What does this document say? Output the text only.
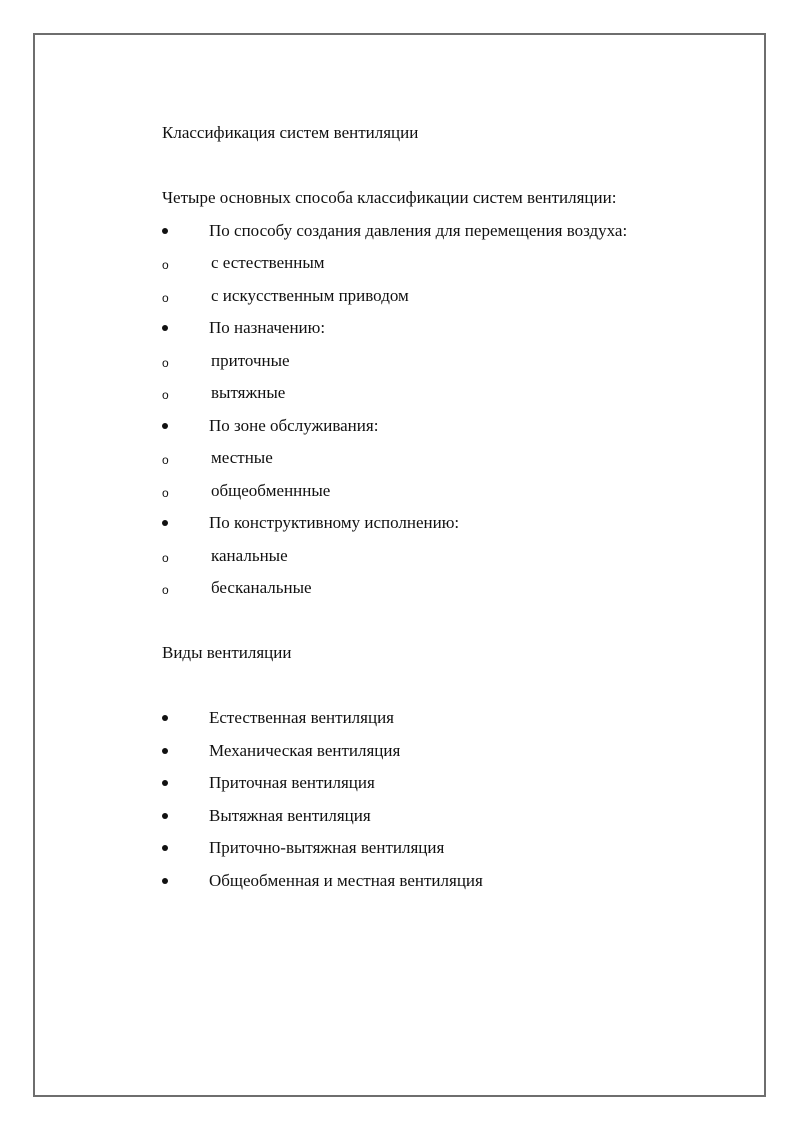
Классификация систем вентиляции
Четыре основных способа классификации систем вентиляции:
По способу создания давления для перемещения воздуха:
o с естественным
o с искусственным приводом
По назначению:
o приточные
o вытяжные
По зоне обслуживания:
o местные
o общеобменнные
По конструктивному исполнению:
o канальные
o бесканальные
Виды вентиляции
Естественная вентиляция
Механическая вентиляция
Приточная вентиляция
Вытяжная вентиляция
Приточно-вытяжная вентиляция
Общеобменная и местная вентиляция
